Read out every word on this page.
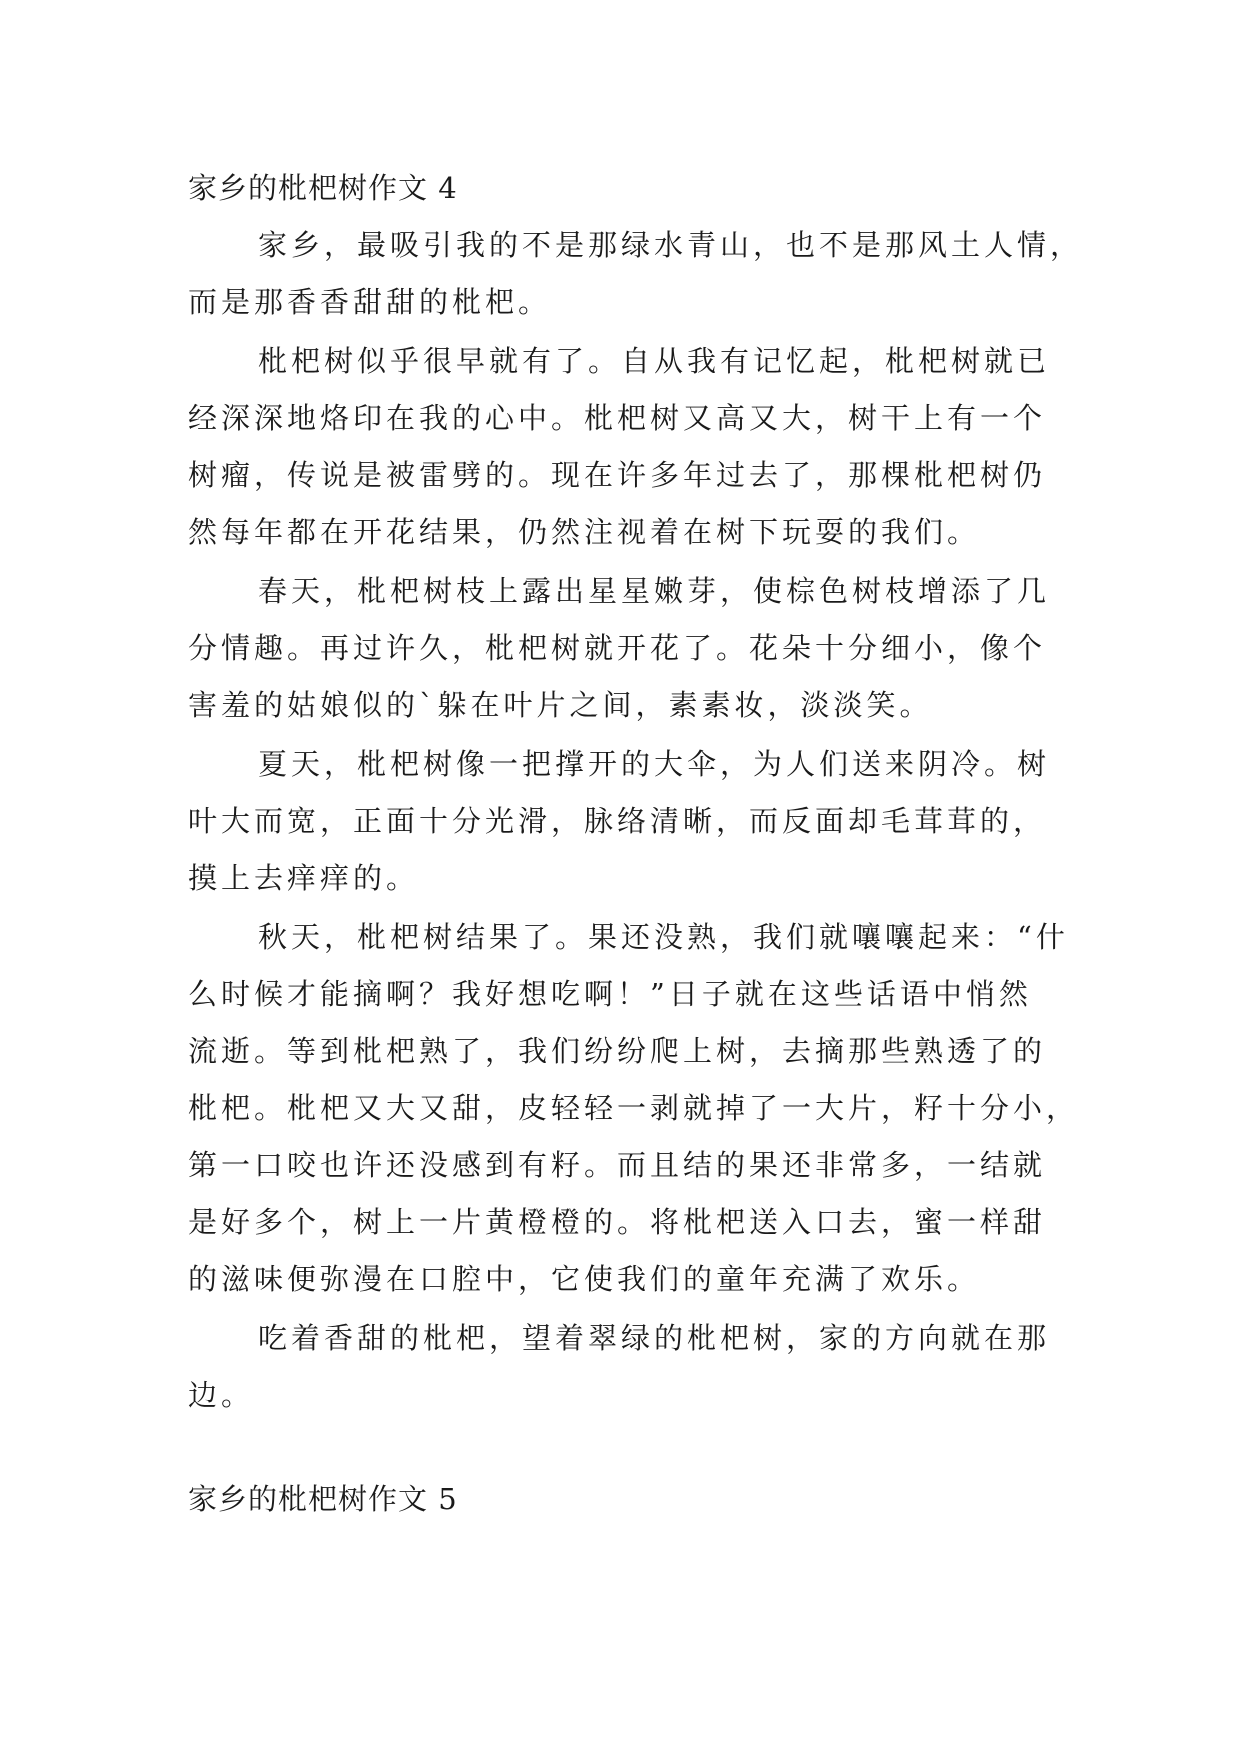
家乡的枇杷树作文 4
家乡，最吸引我的不是那绿水青山，也不是那风土人情，
而是那香香甜甜的枇杷。
枇杷树似乎很早就有了。自从我有记忆起，枇杷树就已
经深深地烙印在我的心中。枇杷树又高又大，树干上有一个
树瘤，传说是被雷劈的。现在许多年过去了，那棵枇杷树仍
然每年都在开花结果，仍然注视着在树下玩耍的我们。
春天，枇杷树枝上露出星星嫩芽，使棕色树枝增添了几
分情趣。再过许久，枇杷树就开花了。花朵十分细小，像个
害羞的姑娘似的`躲在叶片之间，素素妆，淡淡笑。
夏天，枇杷树像一把撑开的大伞，为人们送来阴冷。树
叶大而宽，正面十分光滑，脉络清晰，而反面却毛茸茸的，
摸上去痒痒的。
秋天，枇杷树结果了。果还没熟，我们就嚷嚷起来：“什
么时候才能摘啊？我好想吃啊！”日子就在这些话语中悄然
流逝。等到枇杷熟了，我们纷纷爬上树，去摘那些熟透了的
枇杷。枇杷又大又甜，皮轻轻一剥就掉了一大片，籽十分小，
第一口咬也许还没感到有籽。而且结的果还非常多，一结就
是好多个，树上一片黄橙橙的。将枇杷送入口去，蜜一样甜
的滋味便弥漫在口腔中，它使我们的童年充满了欢乐。
吃着香甜的枇杷，望着翠绿的枇杷树，家的方向就在那
边。
家乡的枇杷树作文 5
